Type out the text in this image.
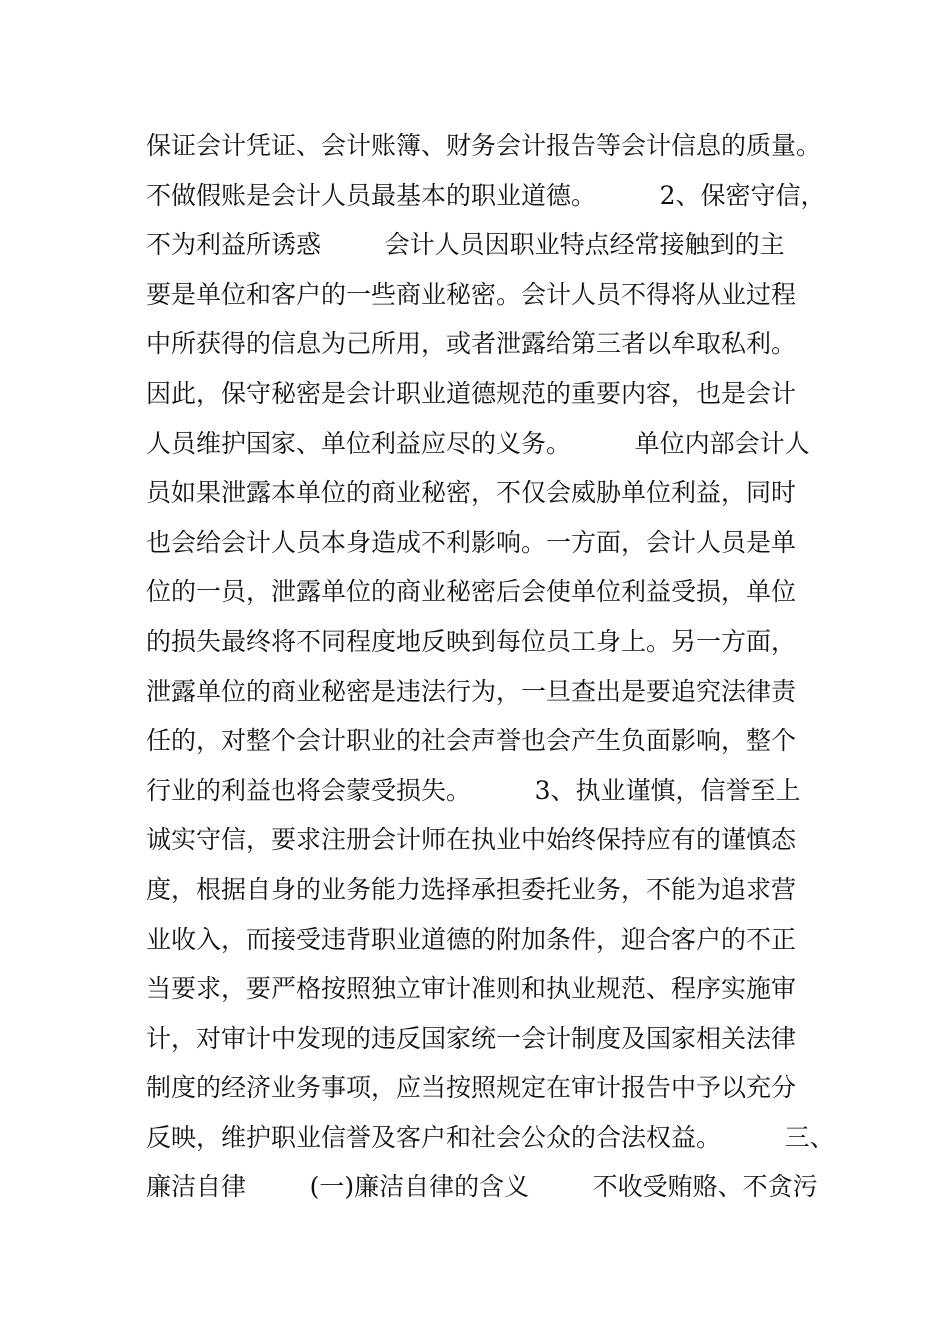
保证会计凭证、会计账簿、财务会计报告等会计信息的质量。
不做假账是会计人员最基本的职业道德。        2、保密守信，
不为利益所诱惑        会计人员因职业特点经常接触到的主
要是单位和客户的一些商业秘密。会计人员不得将从业过程
中所获得的信息为己所用，或者泄露给第三者以牟取私利。
因此，保守秘密是会计职业道德规范的重要内容，也是会计
人员维护国家、单位利益应尽的义务。        单位内部会计人
员如果泄露本单位的商业秘密，不仅会威胁单位利益，同时
也会给会计人员本身造成不利影响。一方面，会计人员是单
位的一员，泄露单位的商业秘密后会使单位利益受损，单位
的损失最终将不同程度地反映到每位员工身上。另一方面，
泄露单位的商业秘密是违法行为，一旦查出是要追究法律责
任的，对整个会计职业的社会声誉也会产生负面影响，整个
行业的利益也将会蒙受损失。        3、执业谨慎，信誉至上
诚实守信，要求注册会计师在执业中始终保持应有的谨慎态
度，根据自身的业务能力选择承担委托业务，不能为追求营
业收入，而接受违背职业道德的附加条件，迎合客户的不正
当要求，要严格按照独立审计准则和执业规范、程序实施审
计，对审计中发现的违反国家统一会计制度及国家相关法律
制度的经济业务事项，应当按照规定在审计报告中予以充分
反映，维护职业信誉及客户和社会公众的合法权益。        三、
廉洁自律        (一)廉洁自律的含义        不收受贿赂、不贪污
